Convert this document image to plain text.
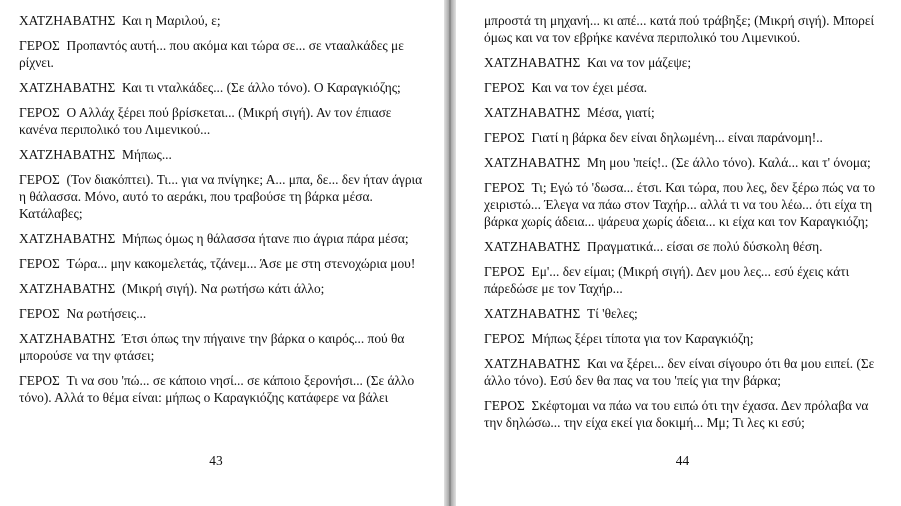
ΧΑΤΖΗΑΒΑΤΗΣ Και η Μαριλού, ε;

ΓΕΡΟΣ Προπαντός αυτή... που ακόμα και τώρα σε... σε ντααλκάδες με ρίχνει.

ΧΑΤΖΗΑΒΑΤΗΣ Και τι νταλκάδες... (Σε άλλο τόνο). Ο Καραγκιόζης;

ΓΕΡΟΣ Ο Αλλάχ ξέρει πού βρίσκεται... (Μικρή σιγή). Αν τον έπιασε κανένα περιπολικό του Λιμενικού...

ΧΑΤΖΗΑΒΑΤΗΣ Μήπως...

ΓΕΡΟΣ (Τον διακόπτει). Τι... για να πνίγηκε; Α... μπα, δε... δεν ήταν άγρια η θάλασσα. Μόνο, αυτό το αεράκι, που τραβούσε τη βάρκα μέσα. Κατάλαβες;

ΧΑΤΖΗΑΒΑΤΗΣ Μήπως όμως η θάλασσα ήτανε πιο άγρια πάρα μέσα;

ΓΕΡΟΣ Τώρα... μην κακομελετάς, τζάνεμ... Άσε με στη στενοχώρια μου!

ΧΑΤΖΗΑΒΑΤΗΣ (Μικρή σιγή). Να ρωτήσω κάτι άλλο;

ΓΕΡΟΣ Να ρωτήσεις...

ΧΑΤΖΗΑΒΑΤΗΣ Έτσι όπως την πήγαινε την βάρκα ο καιρός... πού θα μπορούσε να την φτάσει;

ΓΕΡΟΣ Τι να σου 'πώ... σε κάποιο νησί... σε κάποιο ξερονήσι... (Σε άλλο τόνο). Αλλά το θέμα είναι: μήπως ο Καραγκιόζης κατάφερε να βάλει

43

μπροστά τη μηχανή... κι απέ... κατά πού τράβηξε; (Μικρή σιγή). Μπορεί όμως και να τον εβρήκε κανένα περιπολικό του Λιμενικού.

ΧΑΤΖΗΑΒΑΤΗΣ Και να τον μάζεψε;

ΓΕΡΟΣ Και να τον έχει μέσα.

ΧΑΤΖΗΑΒΑΤΗΣ Μέσα, γιατί;

ΓΕΡΟΣ Γιατί η βάρκα δεν είναι δηλωμένη... είναι παράνομη!..

ΧΑΤΖΗΑΒΑΤΗΣ Μη μου 'πείς!.. (Σε άλλο τόνο). Καλά... και τ' όνομα;

ΓΕΡΟΣ Τι; Εγώ τό 'δωσα... έτσι. Και τώρα, που λες, δεν ξέρω πώς να το χειριστώ... Έλεγα να πάω στον Ταχήρ... αλλά τι να του λέω... ότι είχα τη βάρκα χωρίς άδεια... ψάρευα χωρίς άδεια... κι είχα και τον Καραγκιόζη;

ΧΑΤΖΗΑΒΑΤΗΣ Πραγματικά... είσαι σε πολύ δύσκολη θέση.

ΓΕΡΟΣ Εμ'... δεν είμαι; (Μικρή σιγή). Δεν μου λες... εσύ έχεις κάτι πάρεδώσε με τον Ταχήρ...

ΧΑΤΖΗΑΒΑΤΗΣ Τί 'θελες;

ΓΕΡΟΣ Μήπως ξέρει τίποτα για τον Καραγκιόζη;

ΧΑΤΖΗΑΒΑΤΗΣ Και να ξέρει... δεν είναι σίγουρο ότι θα μου ειπεί. (Σε άλλο τόνο). Εσύ δεν θα πας να του 'πείς για την βάρκα;

ΓΕΡΟΣ Σκέφτομαι να πάω να του ειπώ ότι την έχασα. Δεν πρόλαβα να την δηλώσω... την είχα εκεί για δοκιμή... Μμ; Τι λες κι εσύ;

44
